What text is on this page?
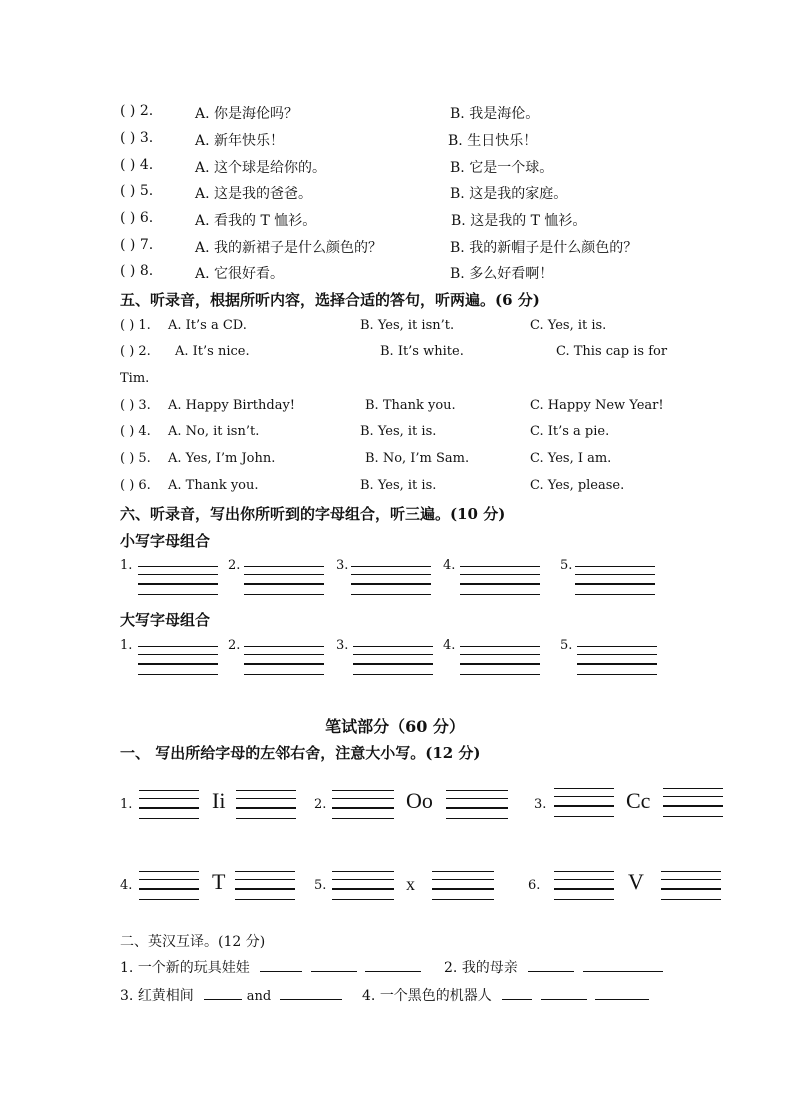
( ) 2.	A. 你是海伦吗？	B. 我是海伦。
( ) 3.	A. 新年快乐！	B. 生日快乐！
( ) 4.	A. 这个球是给你的。	B. 它是一个球。
( ) 5.	A. 这是我的爸爸。	B. 这是我的家庭。
( ) 6.	A. 看我的 T 恤衫。	B. 这是我的 T 恤衫。
( ) 7.	A. 我的新裙子是什么颜色的？	B. 我的新帽子是什么颜色的？
( ) 8.	A. 它很好看。	B. 多么好看啊！
五、听录音，根据所听内容，选择合适的答句，听两遍。(6 分)
( ) 1. A. It’s a CD.	B. Yes, it isn’t.	C. Yes, it is.
( ) 2. A. It’s nice.	B. It’s white.	C. This cap is for
Tim.
( ) 3. A. Happy Birthday!	B. Thank you.	C. Happy New Year!
( ) 4. A. No, it isn’t.	B. Yes, it is.	C. It’s a pie.
( ) 5. A. Yes, I’m John.	B. No, I’m Sam.	C. Yes, I am.
( ) 6. A. Thank you.	B. Yes, it is.	C. Yes, please.
六、听录音，写出你所听到的字母组合，听三遍。(10 分)
小写字母组合
1.	2.	3.	4.	5.
大写字母组合
1.	2.	3.	4.	5.
笔试部分（60 分）
一、 写出所给字母的左邻右舍，注意大小写。(12 分)
1.	Ii	2.	Oo	3.	Cc
4.	T	5.	x	6.	V
二、英汉互译。(12 分)
1. 一个新的玩具娃娃	2. 我的母亲
3. 红黄相间	and	4. 一个黑色的机器人
